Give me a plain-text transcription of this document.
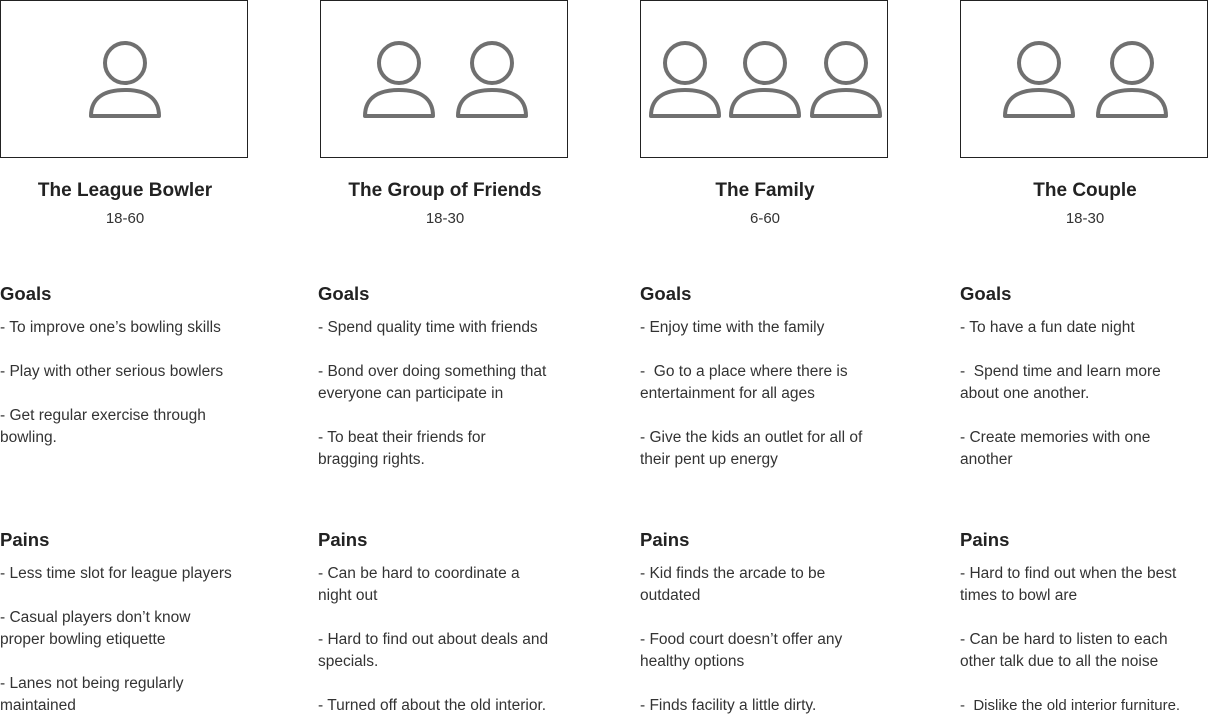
The League Bowler
18-60
Goals
- To improve one’s bowling skills
- Play with other serious bowlers
- Get regular exercise through bowling.
Pains
- Less time slot for league players
- Casual players don’t know proper bowling etiquette
- Lanes not being regularly maintained
The Group of Friends
18-30
Goals
- Spend quality time with friends
- Bond over doing something that everyone can participate in
- To beat their friends for bragging rights.
Pains
- Can be hard to coordinate a night out
- Hard to find out about deals and specials.
- Turned off about the old interior.
The Family
6-60
Goals
- Enjoy time with the family
-  Go to a place where there is entertainment for all ages
- Give the kids an outlet for all of their pent up energy
Pains
- Kid finds the arcade to be outdated
- Food court doesn’t offer any healthy options
- Finds facility a little dirty.
The Couple
18-30
Goals
- To have a fun date night
-  Spend time and learn more about one another.
- Create memories with one another
Pains
- Hard to find out when the best times to bowl are
- Can be hard to listen to each other talk due to all the noise
-  Dislike the old interior furniture.
